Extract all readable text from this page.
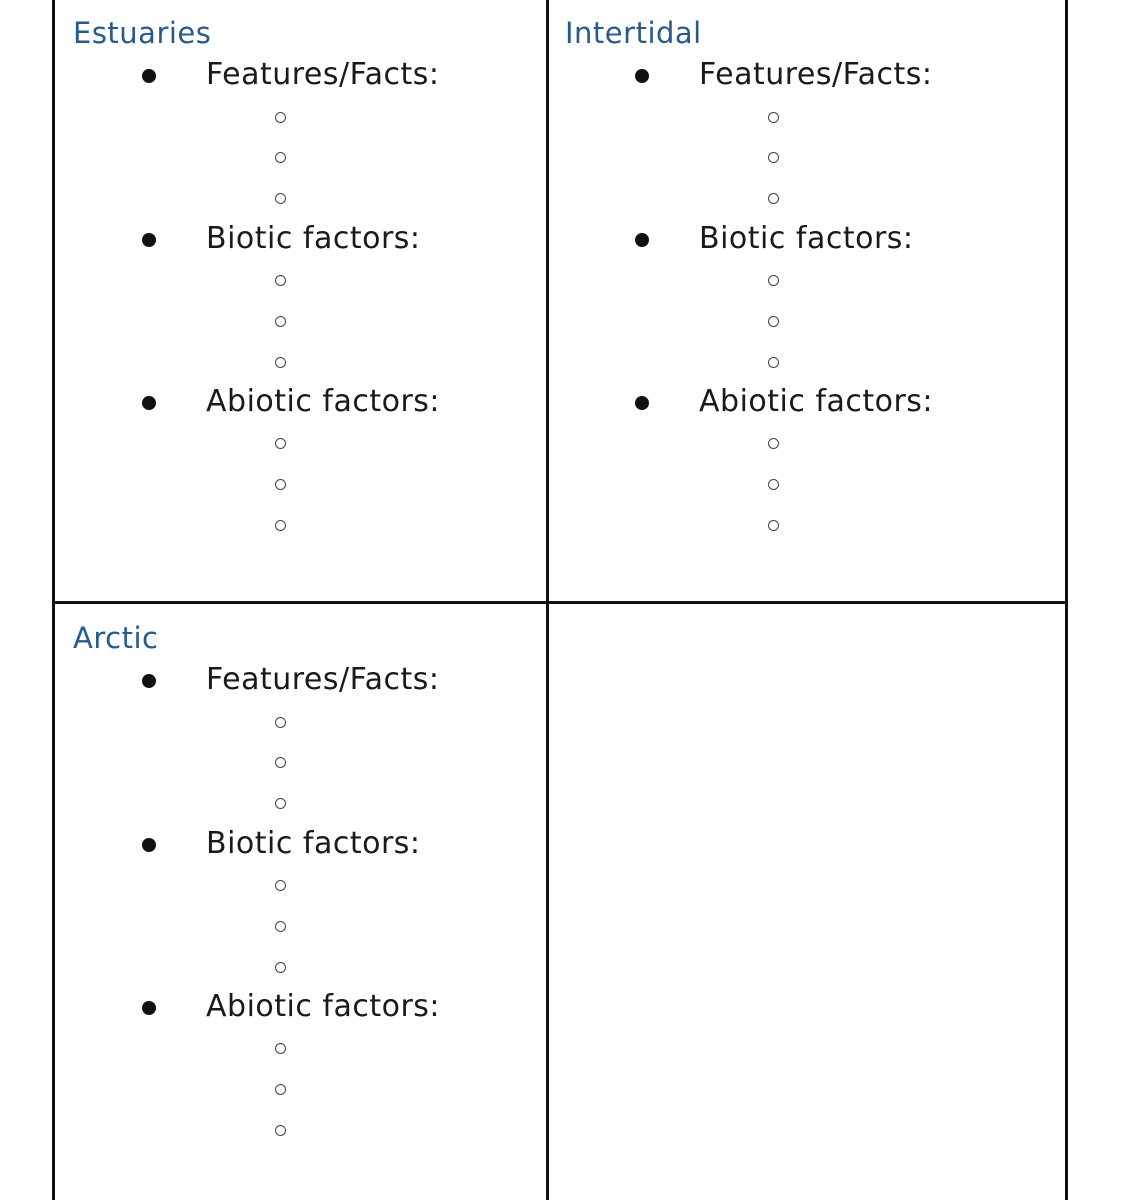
Estuaries
Features/Facts:
Biotic factors:
Abiotic factors:
Intertidal
Features/Facts:
Biotic factors:
Abiotic factors:
Arctic
Features/Facts:
Biotic factors:
Abiotic factors:
